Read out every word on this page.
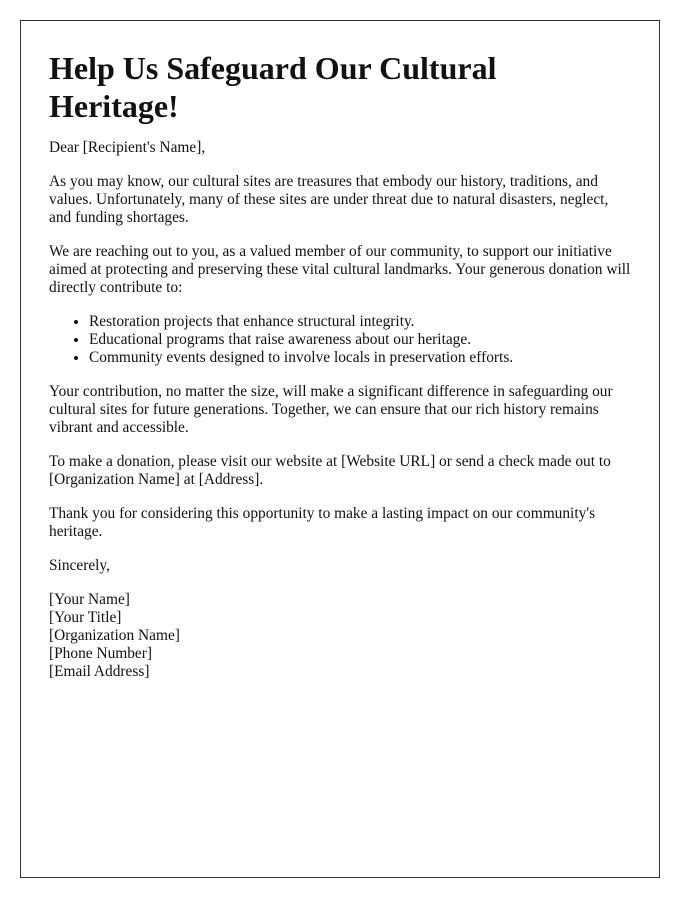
Help Us Safeguard Our Cultural Heritage!

Dear [Recipient's Name],

As you may know, our cultural sites are treasures that embody our history, traditions, and values. Unfortunately, many of these sites are under threat due to natural disasters, neglect, and funding shortages.

We are reaching out to you, as a valued member of our community, to support our initiative aimed at protecting and preserving these vital cultural landmarks. Your generous donation will directly contribute to:

• Restoration projects that enhance structural integrity.
• Educational programs that raise awareness about our heritage.
• Community events designed to involve locals in preservation efforts.

Your contribution, no matter the size, will make a significant difference in safeguarding our cultural sites for future generations. Together, we can ensure that our rich history remains vibrant and accessible.

To make a donation, please visit our website at [Website URL] or send a check made out to [Organization Name] at [Address].

Thank you for considering this opportunity to make a lasting impact on our community's heritage.

Sincerely,

[Your Name]

[Your Title]

[Organization Name]

[Phone Number]

[Email Address]
